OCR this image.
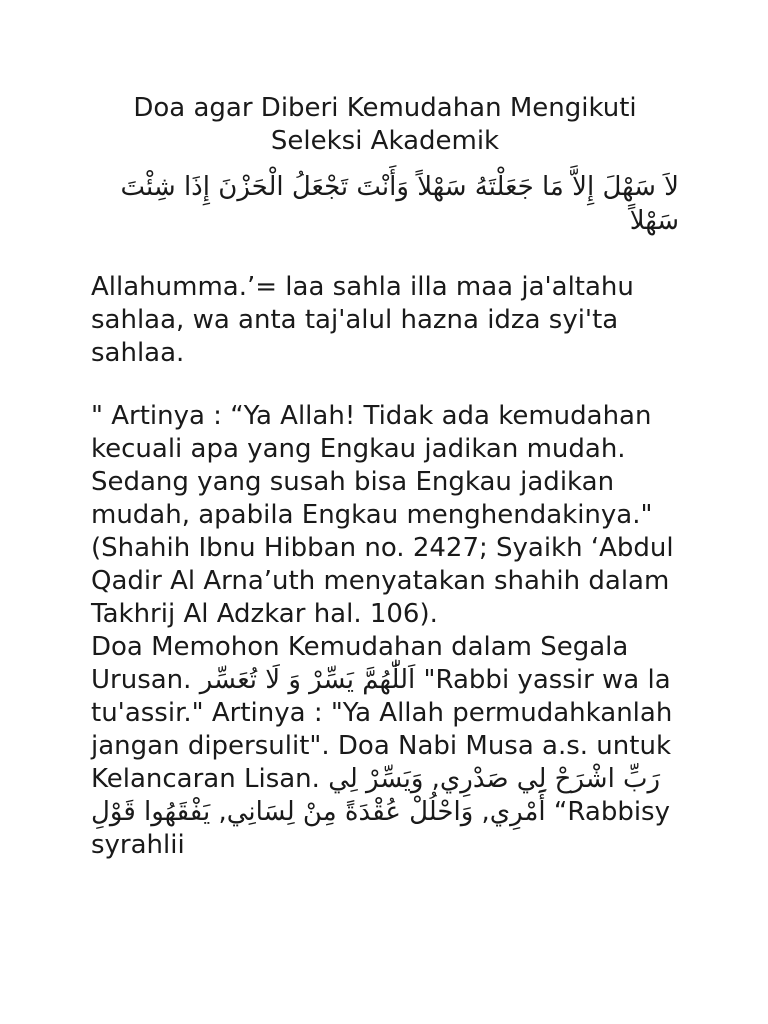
Doa agar Diberi Kemudahan Mengikuti Seleksi Akademik

لاَ سَهْلَ إِلاَّ مَا جَعَلْتَهُ سَهْلاً وَأَنْتَ تَجْعَلُ الْحَزْنَ إِذَا شِئْتَ سَهْلاً

Allahumma.’= laa sahla illa maa ja'altahu sahlaa, wa anta taj'alul hazna idza syi'ta sahlaa.

" Artinya : “Ya Allah! Tidak ada kemudahan kecuali apa yang Engkau jadikan mudah. Sedang yang susah bisa Engkau jadikan mudah, apabila Engkau menghendakinya." (Shahih Ibnu Hibban no. 2427; Syaikh ‘Abdul Qadir Al Arna’uth menyatakan shahih dalam Takhrij Al Adzkar hal. 106).

Doa Memohon Kemudahan dalam Segala Urusan. اَللّٰهُمَّ يَسِّرْ وَ لَا تُعَسِّر "Rabbi yassir wa la tu'assir." Artinya : "Ya Allah permudahkanlah jangan dipersulit". Doa Nabi Musa a.s. untuk Kelancaran Lisan. رَبِّ اشْرَحْ لِي صَدْرِي, وَيَسِّرْ لِي أَمْرِي, وَاحْلُلْ عُقْدَةً مِنْ لِسَانِي, يَفْقَهُوا قَوْلِ “Rabbisy syrahlii
